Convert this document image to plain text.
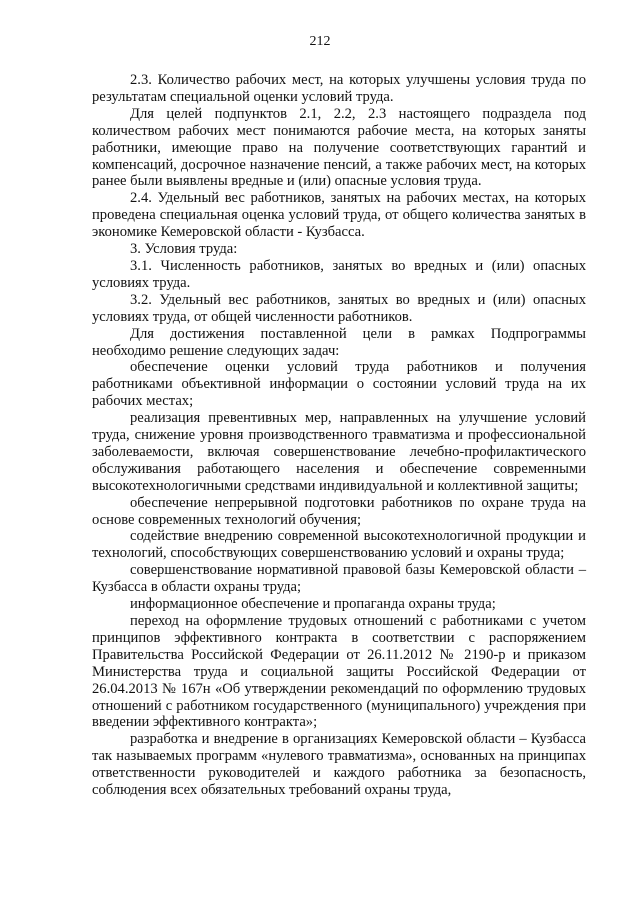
212

2.3. Количество рабочих мест, на которых улучшены условия труда по результатам специальной оценки условий труда.

Для целей подпунктов 2.1, 2.2, 2.3 настоящего подраздела под количеством рабочих мест понимаются рабочие места, на которых заняты работники, имеющие право на получение соответствующих гарантий и компенсаций, досрочное назначение пенсий, а также рабочих мест, на которых ранее были выявлены вредные и (или) опасные условия труда.

2.4. Удельный вес работников, занятых на рабочих местах, на которых проведена специальная оценка условий труда, от общего количества занятых в экономике Кемеровской области - Кузбасса.

3. Условия труда:

3.1. Численность работников, занятых во вредных и (или) опасных условиях труда.

3.2. Удельный вес работников, занятых во вредных и (или) опасных условиях труда, от общей численности работников.

Для достижения поставленной цели в рамках Подпрограммы необходимо решение следующих задач:

обеспечение оценки условий труда работников и получения работниками объективной информации о состоянии условий труда на их рабочих местах;

реализация превентивных мер, направленных на улучшение условий труда, снижение уровня производственного травматизма и профессиональной заболеваемости, включая совершенствование лечебно-профилактического обслуживания работающего населения и обеспечение современными высокотехнологичными средствами индивидуальной и коллективной защиты;

обеспечение непрерывной подготовки работников по охране труда на основе современных технологий обучения;

содействие внедрению современной высокотехнологичной продукции и технологий, способствующих совершенствованию условий и охраны труда;

совершенствование нормативной правовой базы Кемеровской области – Кузбасса в области охраны труда;

информационное обеспечение и пропаганда охраны труда;

переход на оформление трудовых отношений с работниками с учетом принципов эффективного контракта в соответствии с распоряжением Правительства Российской Федерации от 26.11.2012 № 2190-р и приказом Министерства труда и социальной защиты Российской Федерации от 26.04.2013 № 167н «Об утверждении рекомендаций по оформлению трудовых отношений с работником государственного (муниципального) учреждения при введении эффективного контракта»;

разработка и внедрение в организациях Кемеровской области – Кузбасса так называемых программ «нулевого травматизма», основанных на принципах ответственности руководителей и каждого работника за безопасность, соблюдения всех обязательных требований охраны труда,
